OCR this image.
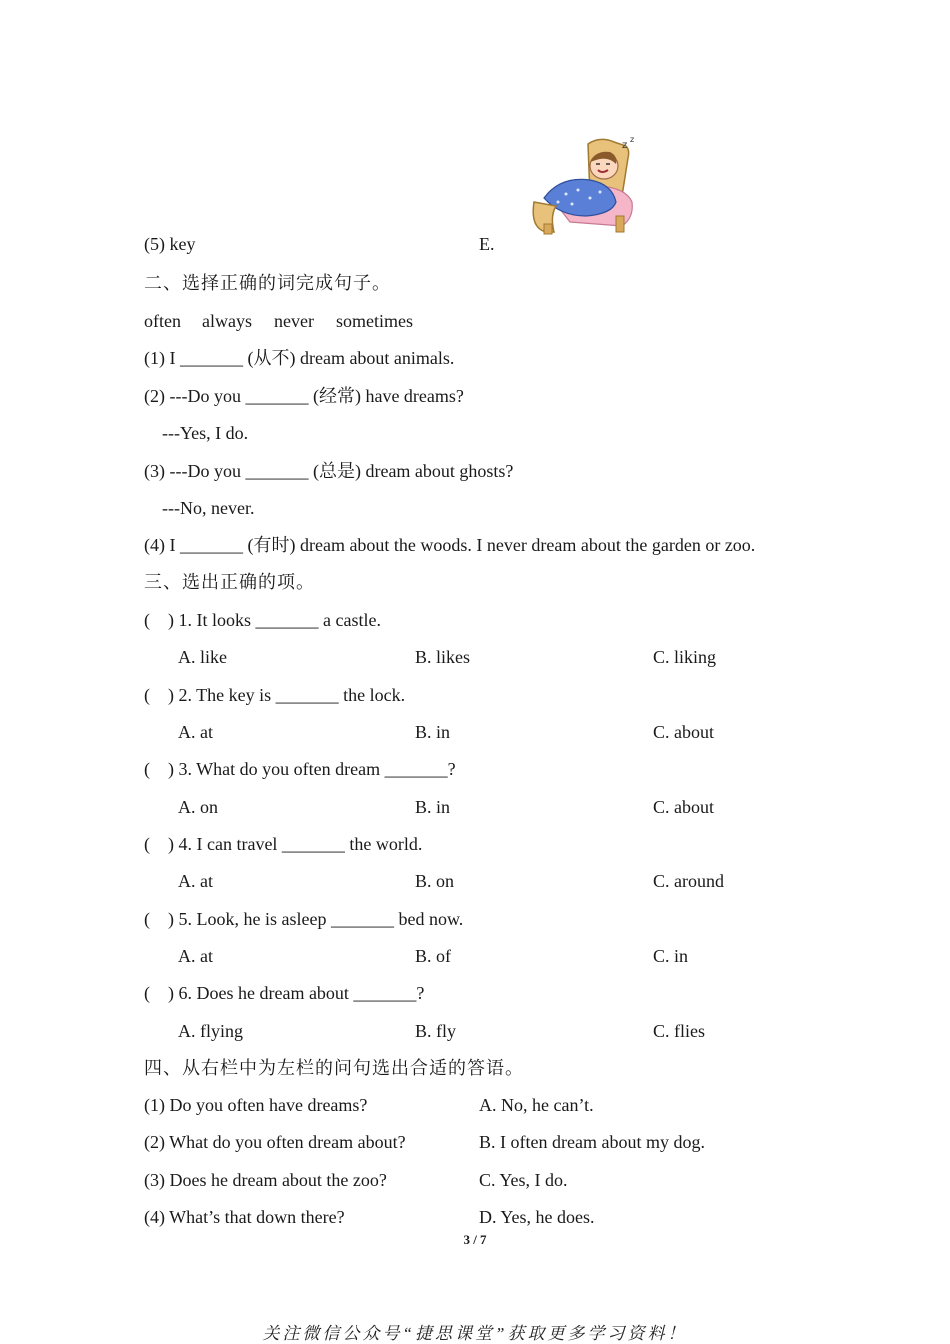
z
z
(5) key	E.
二、选择正确的词完成句子。
often always never sometimes
(1) I _______ (从不) dream about animals.
(2) ---Do you _______ (经常) have dreams?
---Yes, I do.
(3) ---Do you _______ (总是) dream about ghosts?
---No, never.
(4) I _______ (有时) dream about the woods. I never dream about the garden or zoo.
三、选出正确的项。
(    ) 1. It looks _______ a castle.
A. like	B. likes	C. liking
(    ) 2. The key is _______ the lock.
A. at	B. in	C. about
(    ) 3. What do you often dream _______?
A. on	B. in	C. about
(    ) 4. I can travel _______ the world.
A. at	B. on	C. around
(    ) 5. Look, he is asleep _______ bed now.
A. at	B. of	C. in
(    ) 6. Does he dream about _______?
A. flying	B. fly	C. flies
四、从右栏中为左栏的问句选出合适的答语。
(1) Do you often have dreams?	A. No, he can’t.
(2) What do you often dream about?	B. I often dream about my dog.
(3) Does he dream about the zoo?	C. Yes, I do.
(4) What’s that down there?	D. Yes, he does.
3 / 7
关注微信公众号“捷思课堂”获取更多学习资料！
